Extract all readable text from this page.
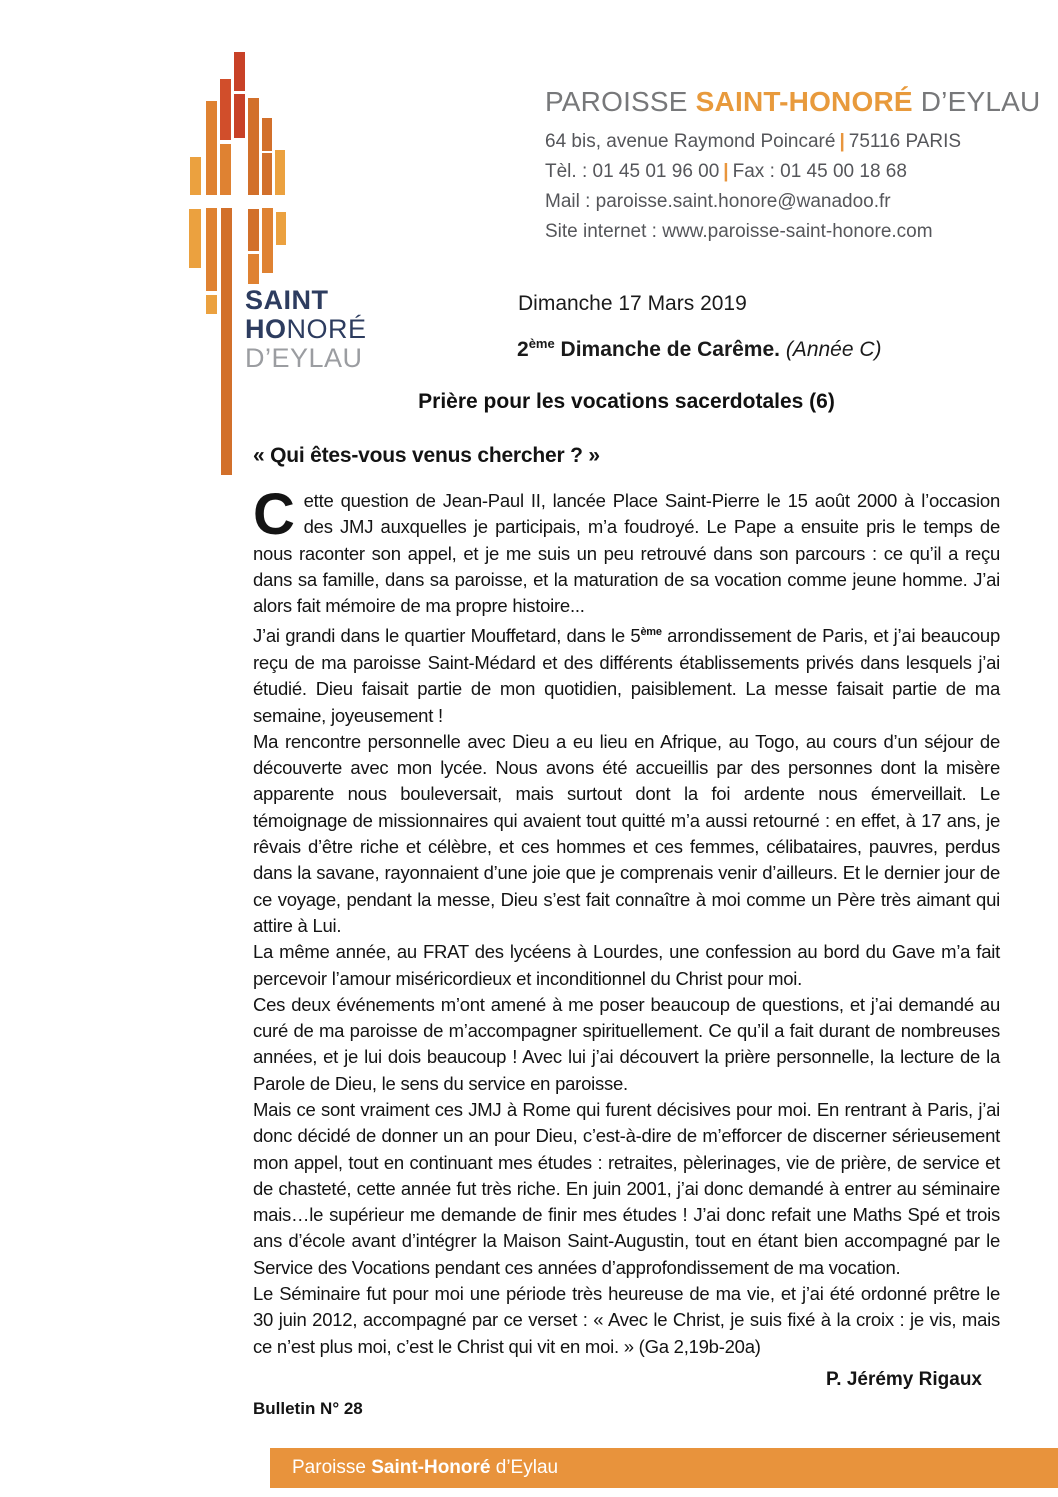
SAINT
HONORÉ
D’EYLAU
PAROISSE SAINT-HONORÉ D’EYLAU
64 bis, avenue Raymond Poincaré | 75116 PARIS
Tèl. : 01 45 01 96 00 | Fax : 01 45 00 18 68
Mail : paroisse.saint.honore@wanadoo.fr
Site internet : www.paroisse-saint-honore.com
Dimanche 17 Mars 2019
2ème Dimanche de Carême. (Année C)
Prière pour les vocations sacerdotales (6)
« Qui êtes-vous venus chercher ? »

Cette question de Jean-Paul II, lancée Place Saint-Pierre le 15 août 2000 à l’occasion des JMJ auxquelles je participais, m’a foudroyé. Le Pape a ensuite pris le temps de nous raconter son appel, et je me suis un peu retrouvé dans son parcours : ce qu’il a reçu dans sa famille, dans sa paroisse, et la maturation de sa vocation comme jeune homme. J’ai alors fait mémoire de ma propre histoire...

J’ai grandi dans le quartier Mouffetard, dans le 5ème arrondissement de Paris, et j’ai beaucoup reçu de ma paroisse Saint-Médard et des différents établissements privés dans lesquels j’ai étudié. Dieu faisait partie de mon quotidien, paisiblement. La messe faisait partie de ma semaine, joyeusement !

Ma rencontre personnelle avec Dieu a eu lieu en Afrique, au Togo, au cours d’un séjour de découverte avec mon lycée. Nous avons été accueillis par des personnes dont la misère apparente nous bouleversait, mais surtout dont la foi ardente nous émerveillait. Le témoignage de missionnaires qui avaient tout quitté m’a aussi retourné : en effet, à 17 ans, je rêvais d’être riche et célèbre, et ces hommes et ces femmes, célibataires, pauvres, perdus dans la savane, rayonnaient d’une joie que je comprenais venir d’ailleurs. Et le dernier jour de ce voyage, pendant la messe, Dieu s’est fait connaître à moi comme un Père très aimant qui attire à Lui.

La même année, au FRAT des lycéens à Lourdes, une confession au bord du Gave m’a fait percevoir l’amour miséricordieux et inconditionnel du Christ pour moi.

Ces deux événements m’ont amené à me poser beaucoup de questions, et j’ai demandé au curé de ma paroisse de m’accompagner spirituellement. Ce qu’il a fait durant de nombreuses années, et je lui dois beaucoup ! Avec lui j’ai découvert la prière personnelle, la lecture de la Parole de Dieu, le sens du service en paroisse.

Mais ce sont vraiment ces JMJ à Rome qui furent décisives pour moi. En rentrant à Paris, j’ai donc décidé de donner un an pour Dieu, c’est-à-dire de m’efforcer de discerner sérieusement mon appel, tout en continuant mes études : retraites, pèlerinages, vie de prière, de service et de chasteté, cette année fut très riche. En juin 2001, j’ai donc demandé à entrer au séminaire mais…le supérieur me demande de finir mes études ! J’ai donc refait une Maths Spé et trois ans d’école avant d’intégrer la Maison Saint-Augustin, tout en étant bien accompagné par le Service des Vocations pendant ces années d’approfondissement de ma vocation.

Le Séminaire fut pour moi une période très heureuse de ma vie, et j’ai été ordonné prêtre le 30 juin 2012, accompagné par ce verset : « Avec le Christ, je suis fixé à la croix : je vis, mais ce n’est plus moi, c’est le Christ qui vit en moi. » (Ga 2,19b-20a)

P. Jérémy Rigaux
Bulletin N° 28
Paroisse Saint-Honoré d’Eylau
